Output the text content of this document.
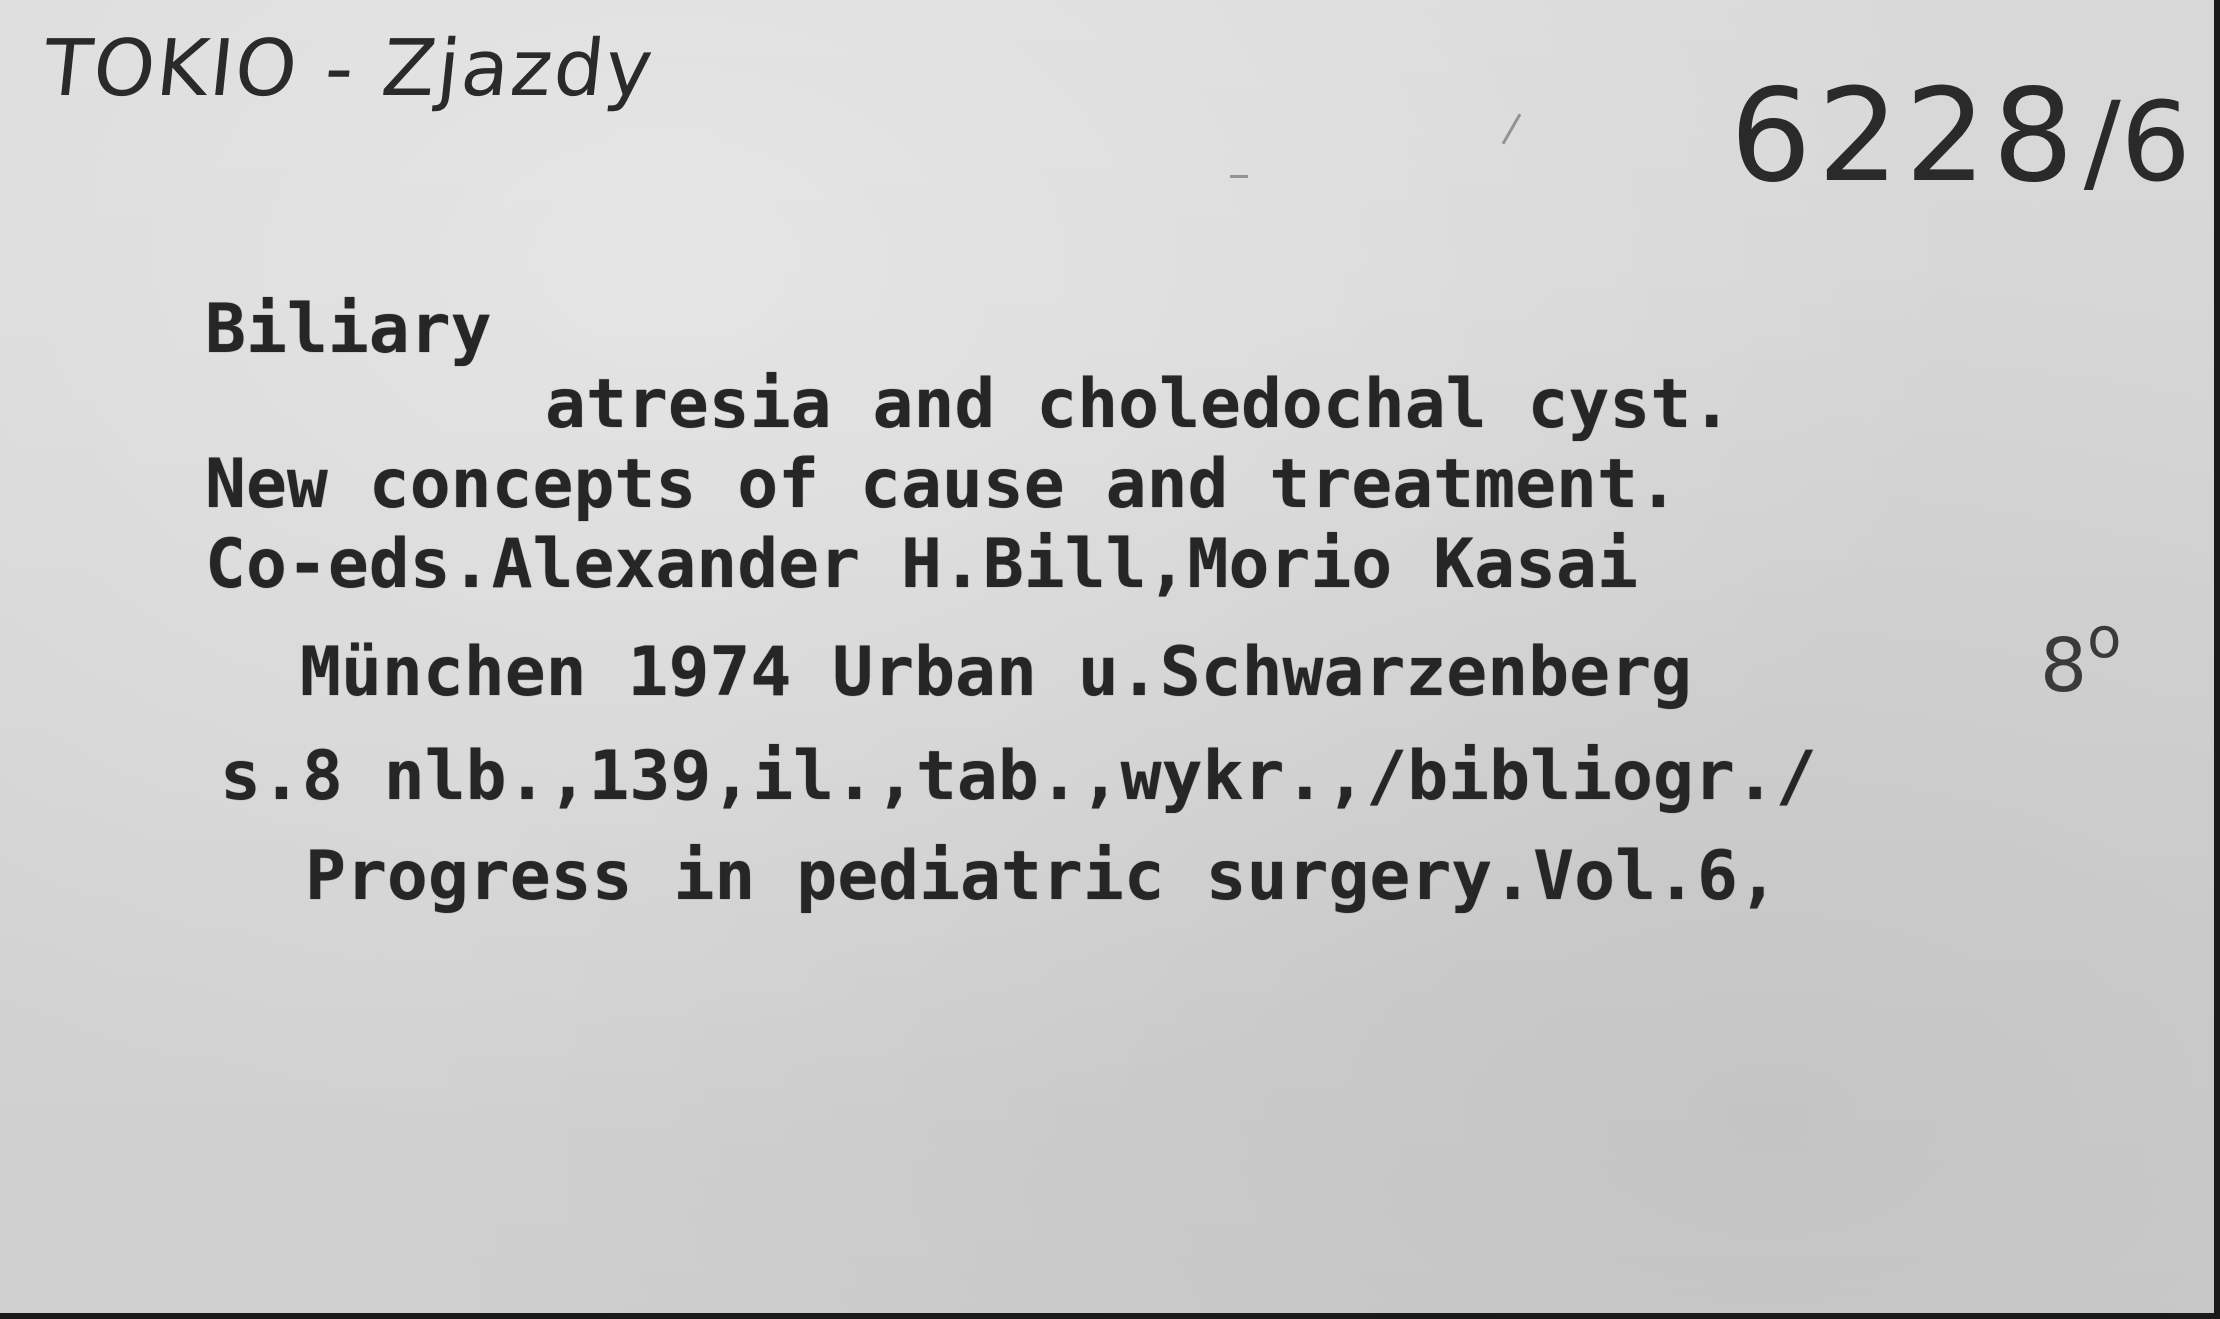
TOKIO - Zjazdy	6228/6
Biliary
atresia and choledochal cyst.
New concepts of cause and treatment.
Co-eds.Alexander H.Bill,Morio Kasai
München 1974 Urban u.Schwarzenberg
s.8 nlb.,139,il.,tab.,wykr.,/bibliogr./
Progress in pediatric surgery.Vol.6,
8o
